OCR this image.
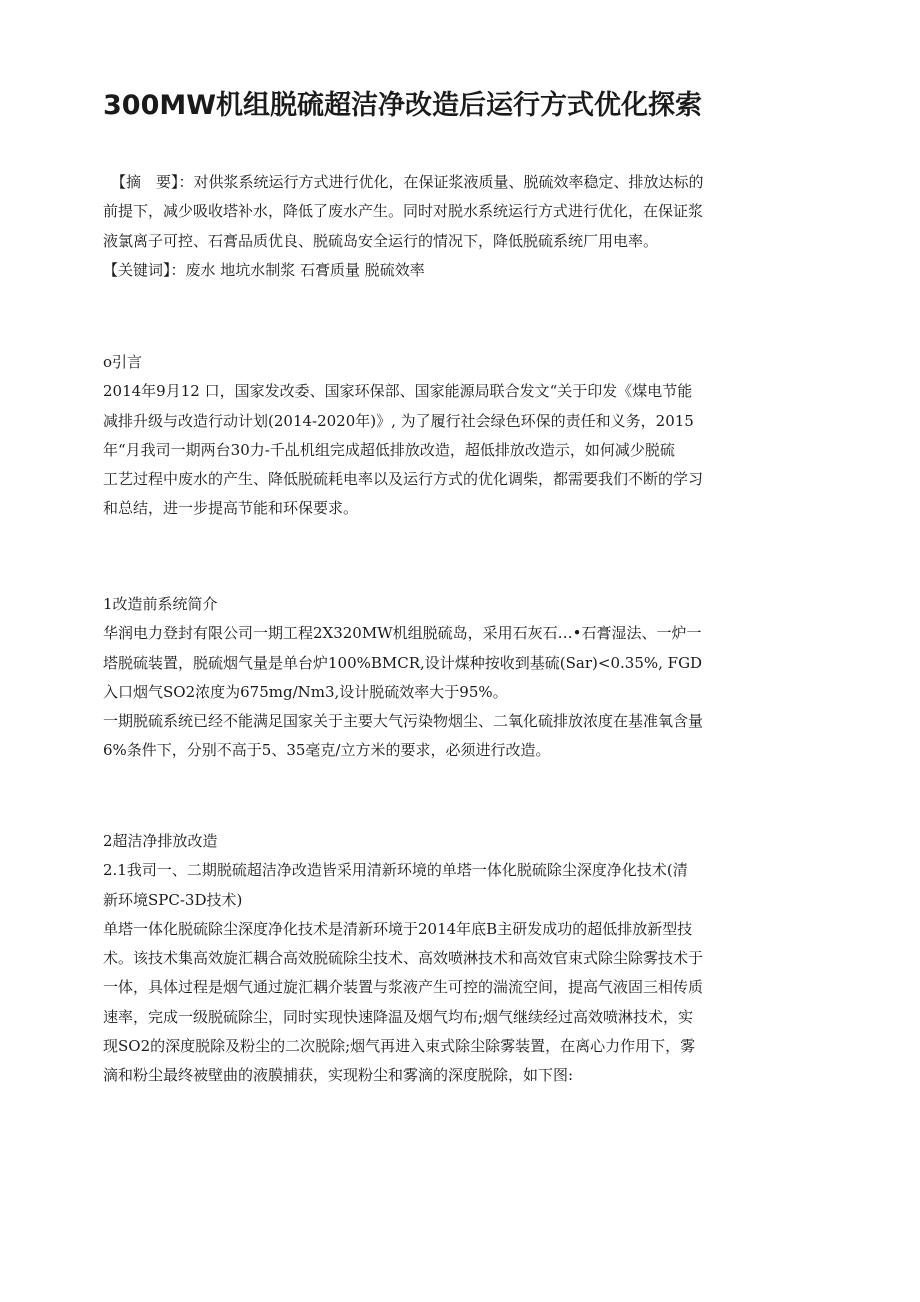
300MW机组脱硫超洁净改造后运行方式优化探索
【摘　要】：对供浆系统运行方式进行优化，在保证浆液质量、脱硫效率稳定、排放达标的
前提下，减少吸收塔补水，降低了废水产生。同时对脱水系统运行方式进行优化，在保证浆
液氯离子可控、石膏品质优良、脱硫岛安全运行的情况下，降低脱硫系统厂用电率。
【关键词】：废水 地坑水制浆 石膏质量 脱硫效率
o引言
2014年9月12 口，国家发改委、国家环保部、国家能源局联合发文“关于印发《煤电节能
减排升级与改造行动计划(2014-2020年)》, 为了履行社会绿色环保的责任和义务，2015
年“月我司一期两台30力-千乩机组完成超低排放改造，超低排放改造示，如何减少脱硫
工艺过程中废水的产生、降低脱硫耗电率以及运行方式的优化调柴，都需要我们不断的学习
和总结，进一步提高节能和环保要求。
1改造前系统简介
华润电力登封有限公司一期工程2X320MW机组脱硫岛，采用石灰石…•石膏湿法、一炉一
塔脱硫装置，脱硫烟气量是单台炉100%BMCR,设计煤种按收到基硫(Sar)<0.35%, FGD
入口烟气SO2浓度为675mg/Nm3,设计脱硫效率大于95%。
一期脱硫系统已经不能满足国家关于主要大气污染物烟尘、二氧化硫排放浓度在基准氧含量
6%条件下，分别不高于5、35毫克/立方米的要求，必须进行改造。
2超洁净排放改造
2.1我司一、二期脱硫超洁净改造皆采用清新环境的单塔一体化脱硫除尘深度净化技术(清
新环境SPC-3D技术)
单塔一体化脱硫除尘深度净化技术是清新环境于2014年底B主研发成功的超低排放新型技
术。该技术集高效旋汇耦合高效脱硫除尘技术、高效喷淋技术和高效官束式除尘除雾技术于
一体，具体过程是烟气通过旋汇耦介装置与浆液产生可控的湍流空间，提高气液固三相传质
速率，完成一级脱硫除尘，同时实现快速降温及烟气均布;烟气继续经过高效喷淋技术，实
现SO2的深度脱除及粉尘的二次脱除;烟气再进入束式除尘除雾装置，在离心力作用下，雾
滴和粉尘最终被壁曲的液膜捕获，实现粉尘和雾滴的深度脱除，如下图:
